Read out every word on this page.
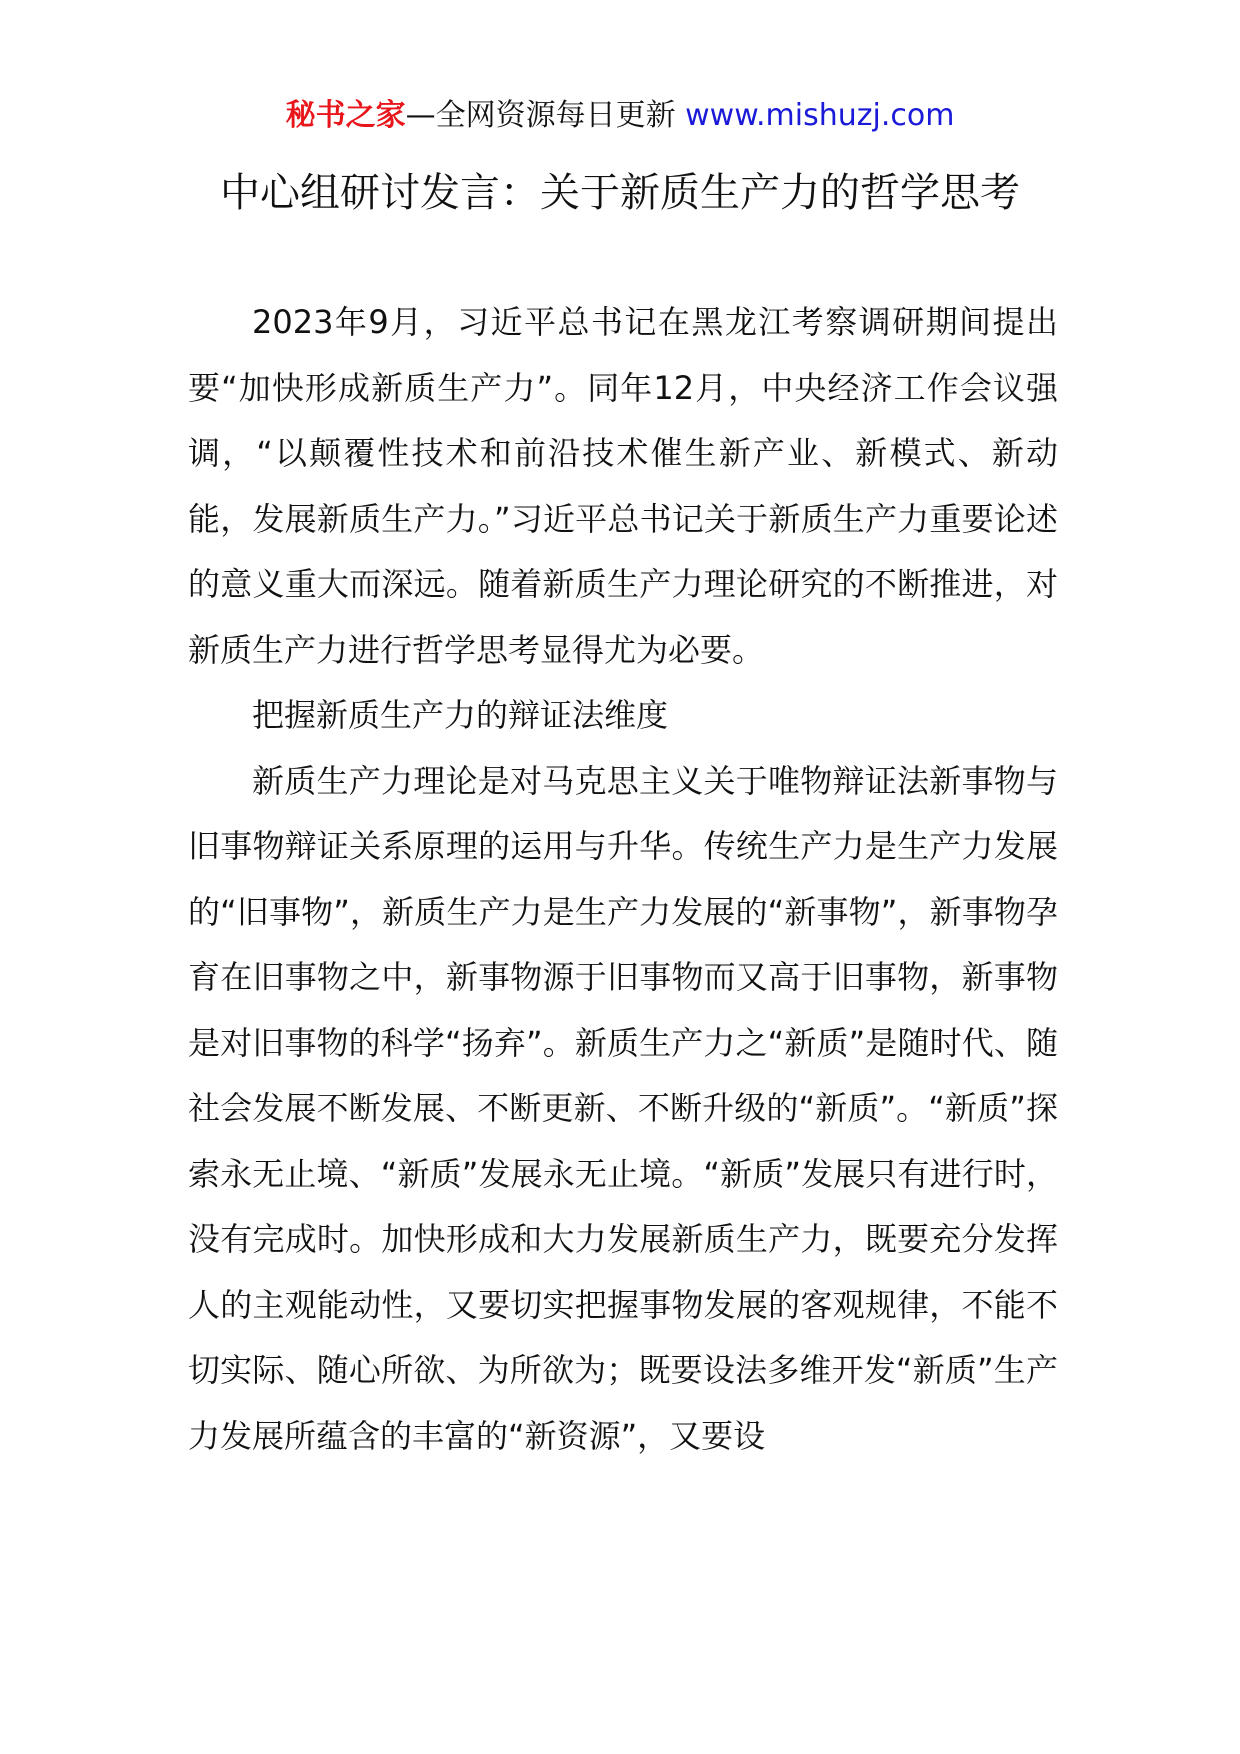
秘书之家—全网资源每日更新 www.mishuzj.com
中心组研讨发言：关于新质生产力的哲学思考

2023年9月，习近平总书记在黑龙江考察调研期间提出要“加快形成新质生产力”。同年12月，中央经济工作会议强调，“以颠覆性技术和前沿技术催生新产业、新模式、新动能，发展新质生产力。”习近平总书记关于新质生产力重要论述的意义重大而深远。随着新质生产力理论研究的不断推进，对新质生产力进行哲学思考显得尤为必要。

把握新质生产力的辩证法维度

新质生产力理论是对马克思主义关于唯物辩证法新事物与旧事物辩证关系原理的运用与升华。传统生产力是生产力发展的“旧事物”，新质生产力是生产力发展的“新事物”，新事物孕育在旧事物之中，新事物源于旧事物而又高于旧事物，新事物是对旧事物的科学“扬弃”。新质生产力之“新质”是随时代、随社会发展不断发展、不断更新、不断升级的“新质”。“新质”探索永无止境、“新质”发展永无止境。“新质”发展只有进行时，没有完成时。加快形成和大力发展新质生产力，既要充分发挥人的主观能动性，又要切实把握事物发展的客观规律，不能不切实际、随心所欲、为所欲为；既要设法多维开发“新质”生产力发展所蕴含的丰富的“新资源”，又要设
